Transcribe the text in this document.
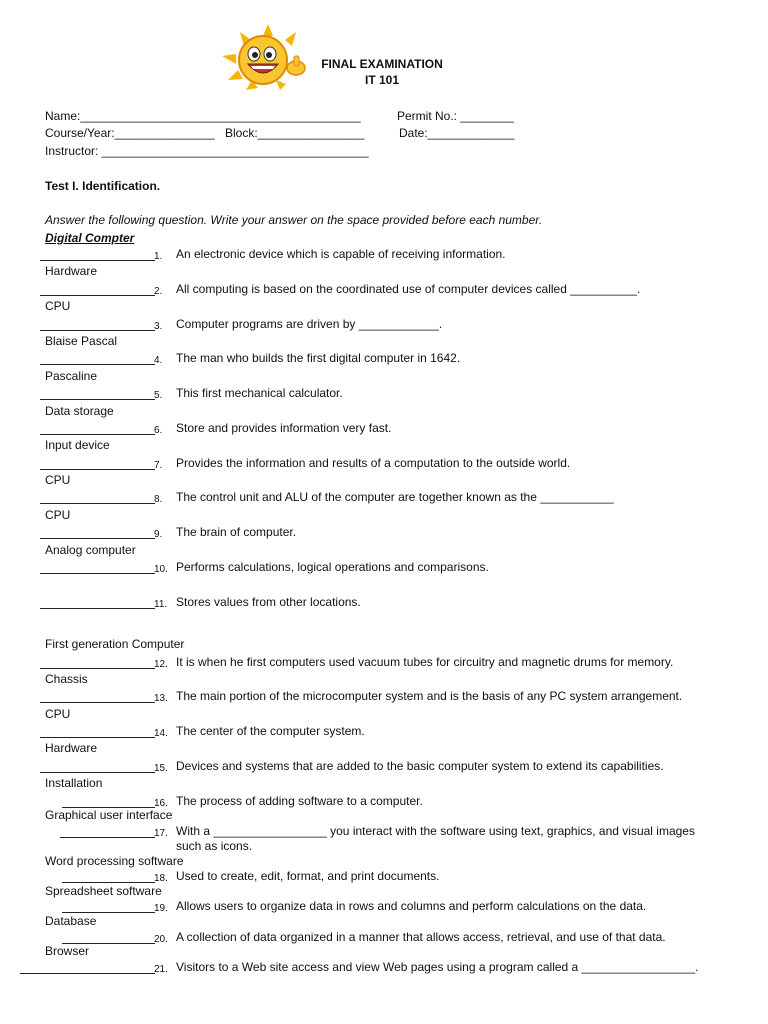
FINAL EXAMINATION
IT 101
Name:__________________________________________	Permit No.: ________
Course/Year:_______________ Block:________________	Date:_____________
Instructor: ________________________________________
Test I. Identification.
Answer the following question. Write your answer on the space provided before each number.
Digital Compter
1. An electronic device which is capable of receiving information.
Hardware
2. All computing is based on the coordinated use of computer devices called __________.
CPU
3. Computer programs are driven by ____________.
Blaise Pascal
4. The man who builds the first digital computer in 1642.
Pascaline
5. This first mechanical calculator.
Data storage
6. Store and provides information very fast.
Input device
7. Provides the information and results of a computation to the outside world.
CPU
8. The control unit and ALU of the computer are together known as the ___________
CPU
9. The brain of computer.
Analog computer
10. Performs calculations, logical operations and comparisons.
11. Stores values from other locations.
First generation Computer
12. It is when he first computers used vacuum tubes for circuitry and magnetic drums for memory.
Chassis
13. The main portion of the microcomputer system and is the basis of any PC system arrangement.
CPU
14. The center of the computer system.
Hardware
15. Devices and systems that are added to the basic computer system to extend its capabilities.
Installation
16. The process of adding software to a computer.
Graphical user interface
17. With a _________________ you interact with the software using text, graphics, and visual images
such as icons.
Word processing software
18. Used to create, edit, format, and print documents.
Spreadsheet software
19. Allows users to organize data in rows and columns and perform calculations on the data.
Database
20. A collection of data organized in a manner that allows access, retrieval, and use of that data.
Browser
21. Visitors to a Web site access and view Web pages using a program called a _________________.
